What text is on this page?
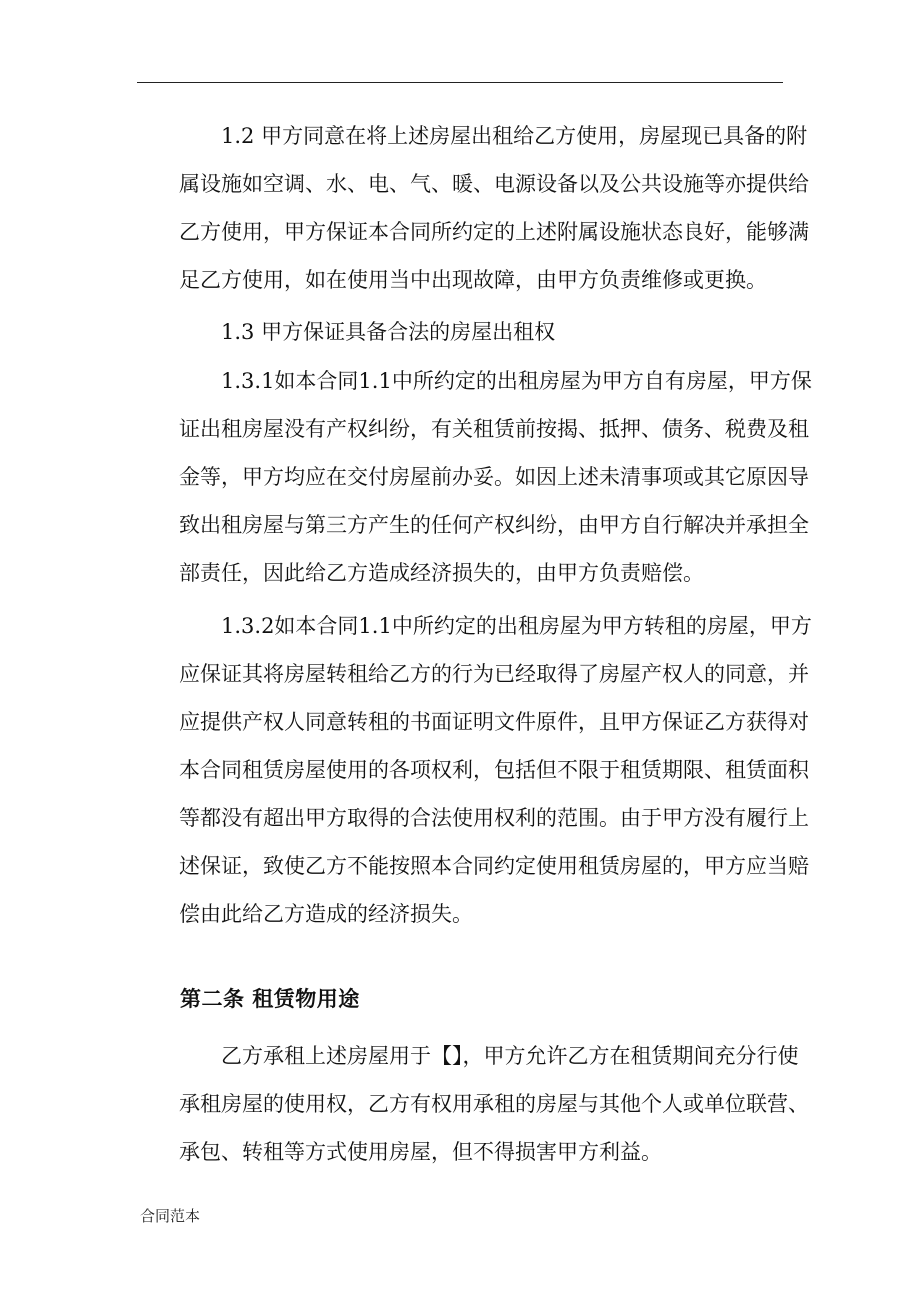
1.2 甲方同意在将上述房屋出租给乙方使用，房屋现已具备的附
属设施如空调、水、电、气、暖、电源设备以及公共设施等亦提供给
乙方使用，甲方保证本合同所约定的上述附属设施状态良好，能够满
足乙方使用，如在使用当中出现故障，由甲方负责维修或更换。
1.3 甲方保证具备合法的房屋出租权
1.3.1如本合同1.1中所约定的出租房屋为甲方自有房屋，甲方保
证出租房屋没有产权纠纷，有关租赁前按揭、抵押、债务、税费及租
金等，甲方均应在交付房屋前办妥。如因上述未清事项或其它原因导
致出租房屋与第三方产生的任何产权纠纷，由甲方自行解决并承担全
部责任，因此给乙方造成经济损失的，由甲方负责赔偿。
1.3.2如本合同1.1中所约定的出租房屋为甲方转租的房屋，甲方
应保证其将房屋转租给乙方的行为已经取得了房屋产权人的同意，并
应提供产权人同意转租的书面证明文件原件，且甲方保证乙方获得对
本合同租赁房屋使用的各项权利，包括但不限于租赁期限、租赁面积
等都没有超出甲方取得的合法使用权利的范围。由于甲方没有履行上
述保证，致使乙方不能按照本合同约定使用租赁房屋的，甲方应当赔
偿由此给乙方造成的经济损失。
乙方承租上述房屋用于【】，甲方允许乙方在租赁期间充分行使
承租房屋的使用权，乙方有权用承租的房屋与其他个人或单位联营、
承包、转租等方式使用房屋，但不得损害甲方利益。
第二条 租赁物用途
合同范本
